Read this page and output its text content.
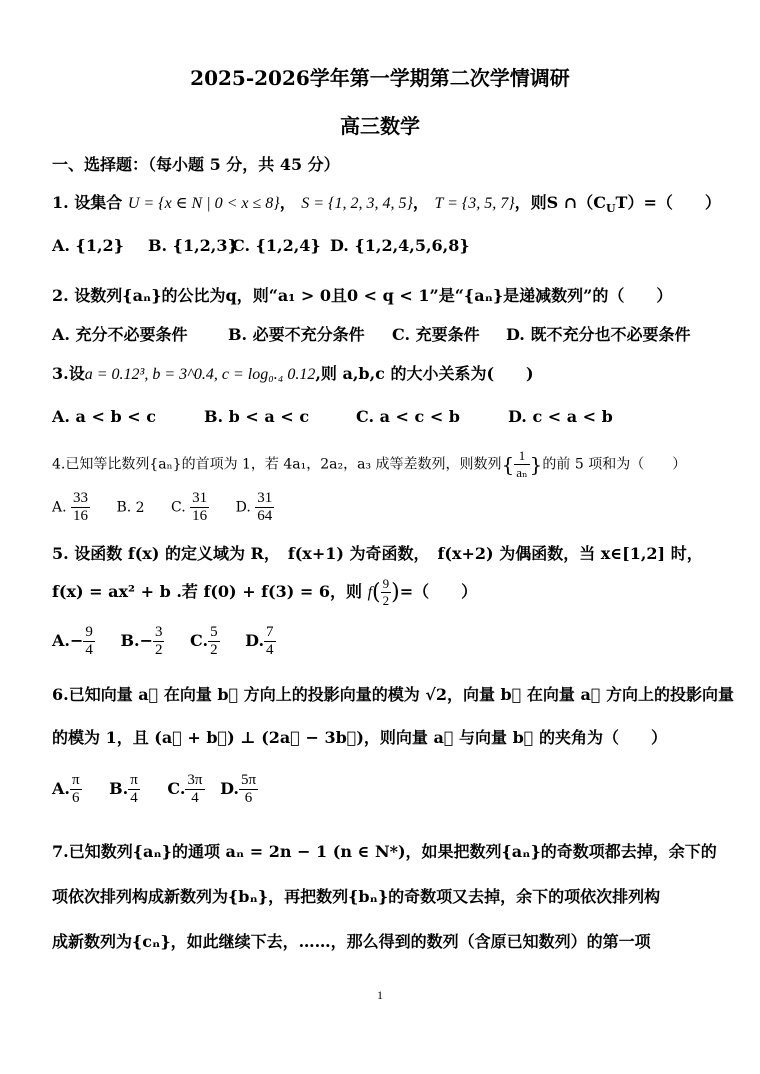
2025-2026学年第一学期第二次学情调研
高三数学
一、选择题：（每小题 5 分，共 45 分）
1. 设集合 U = {x ∈ N | 0 < x ≤ 8}， S = {1, 2, 3, 4, 5}， T = {3, 5, 7}，则S $\cap(C_UT)=$（　　）
A. {1,2} B. {1,2,3}
C. {1,2,4} D. {1,2,4,5,6,8}
2. 设数列{aₙ}的公比为q，则“a₁ > 0且0 < q < 1”是“{aₙ}是递减数列”的（　　）
A. 充分不必要条件	B. 必要不充分条件 C. 充要条件 D. 既不充分也不必要条件
3.设a = 0.12³, b = 3^0.4, c = log₀.₄ 0.12,则 a,b,c 的大小关系为(　　)
A. a < b < c	B. b < a < c	C. a < c < b	D. c < a < b
4.已知等比数列{aₙ}的首项为 1，若 4a₁，2a₂，a₃ 成等差数列，则数列{ $\frac{1}{\text{aₙ}}$ }的前 5 项和为（　　）
A. $\frac{33}{16} B$. 2 C. $\frac{31}{16} D$. $\frac{31}{64}$
5. 设函数 f(x) 的定义域为 R，　f(x+1) 为奇函数，　f(x+2) 为偶函数，当 x∈[1,2] 时，
f(x) = ax² + b .若 f(0) + f(3) = 6，则 $f( \frac{9}{2}$ )=（　　）
$A.- \frac{9}{4} B.- \frac{3}{2} C$. $\frac{5}{2} D$. $\frac{7}{4}$
6.已知向量 a⃗ 在向量 b⃗ 方向上的投影向量的模为 √2，向量 b⃗ 在向量 a⃗ 方向上的投影向量
的模为 1，且 (a⃗ + b⃗) ⊥ (2a⃗ − 3b⃗)，则向量 a⃗ 与向量 b⃗ 的夹角为（　　）
A. $\frac{\pi}{6} B$. $\frac{\pi}{4} C$. $\frac{3\pi}{4} D$. $\frac{5\pi}{6}$
7.已知数列{aₙ}的通项 aₙ = 2n − 1 (n ∈ N*)，如果把数列{aₙ}的奇数项都去掉，余下的
项依次排列构成新数列为{bₙ}，再把数列{bₙ}的奇数项又去掉，余下的项依次排列构
成新数列为{cₙ}，如此继续下去，……，那么得到的数列（含原已知数列）的第一项
1
